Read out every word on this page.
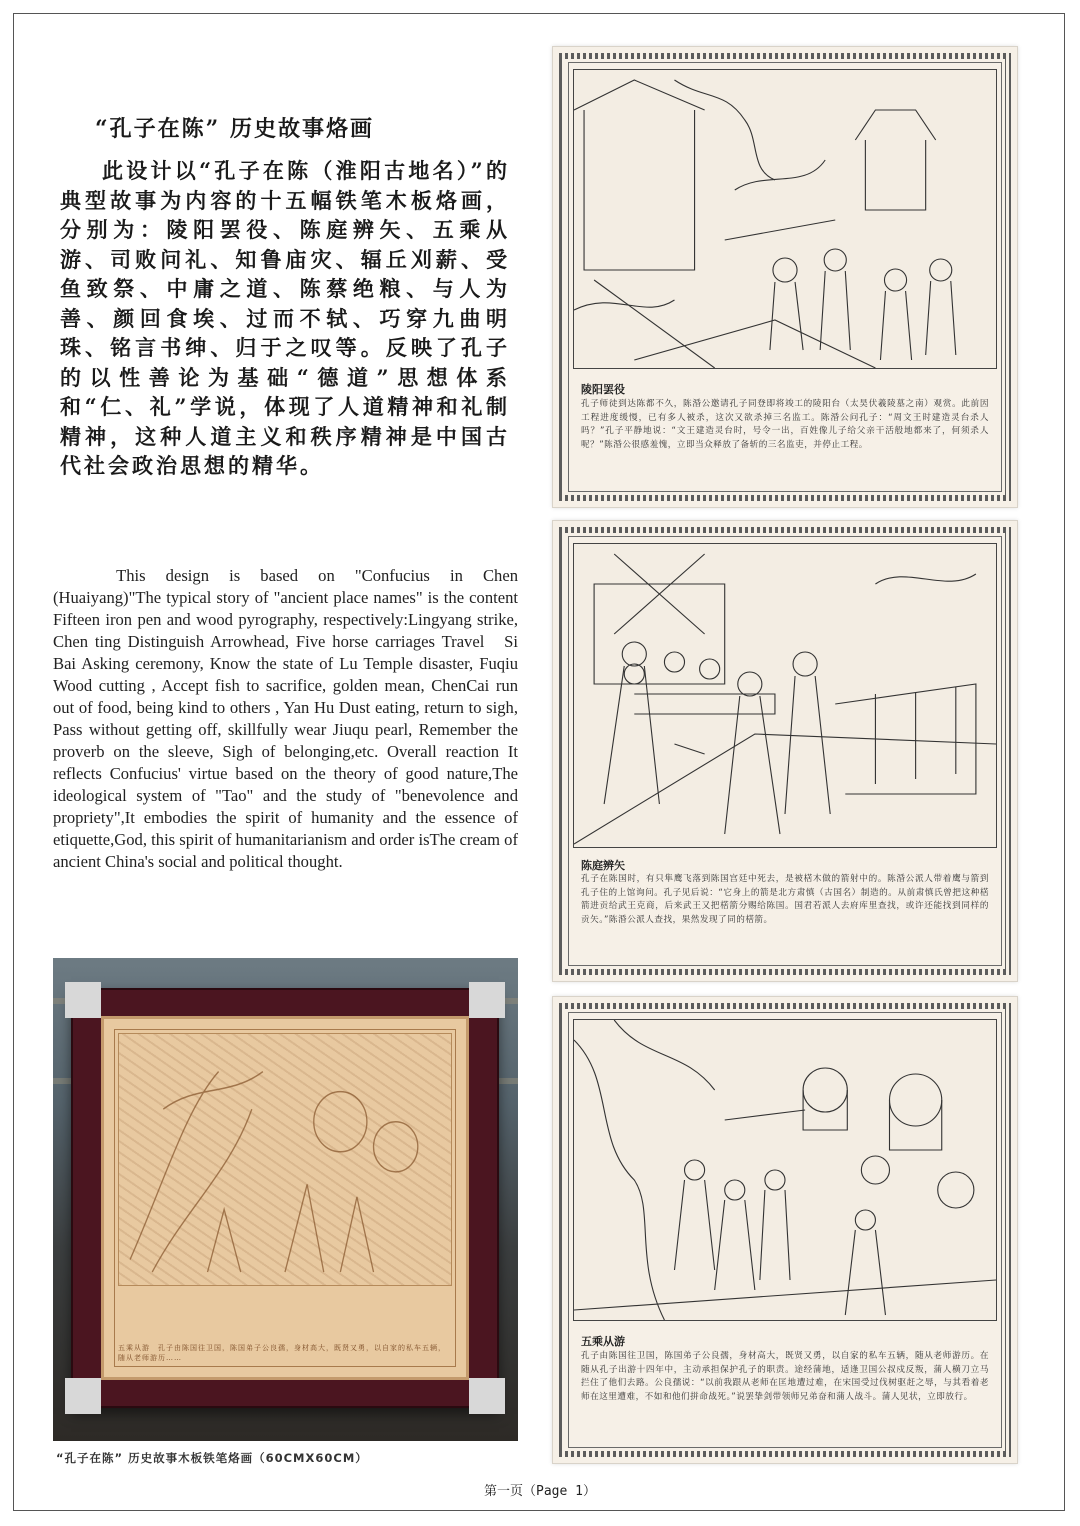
“孔子在陈” 历史故事烙画
此设计以“孔子在陈（淮阳古地名）”的典型故事为内容的十五幅铁笔木板烙画，分别为：陵阳罢役、陈庭辨矢、五乘从游、司败问礼、知鲁庙灾、辐丘刈薪、受鱼致祭、中庸之道、陈蔡绝粮、与人为善、颜回食埃、过而不轼、巧穿九曲明珠、铭言书绅、归于之叹等。反映了孔子的以性善论为基础“德道”思想体系和“仁、礼”学说，体现了人道精神和礼制精神，这种人道主义和秩序精神是中国古代社会政治思想的精华。
This design is based on "Confucius in Chen (Huaiyang)"The typical story of "ancient place names" is the content Fifteen iron pen and wood pyrography, respectively:Lingyang strike, Chen ting Distinguish Arrowhead, Five horse carriages Travel  Si Bai Asking ceremony, Know the state of Lu Temple disaster, Fuqiu Wood cutting , Accept fish to sacrifice, golden mean, ChenCai run out of food, being kind to others , Yan Hu Dust eating, return to sigh, Pass without getting off, skillfully wear Jiuqu pearl, Remember the proverb on the sleeve, Sigh of belonging,etc. Overall reaction It reflects Confucius' virtue based on the theory of good nature,The ideological system of "Tao" and the study of "benevolence and propriety",It embodies the spirit of humanity and the essence of etiquette,God, this spirit of humanitarianism and order isThe cream of ancient China's social and political thought.
五乘从游　孔子由陈国往卫国，陈国弟子公良孺，身材高大，既贤又勇，以自家的私车五辆，随从老师游历……
“孔子在陈” 历史故事木板铁笔烙画（60CMX60CM）
陵阳罢役
孔子师徒到达陈都不久，陈涽公邀请孔子同登即将竣工的陵阳台（太昊伏羲陵墓之南）观赏。此前因工程进度缓慢，已有多人被杀，这次又欲杀掉三名监工。陈涽公问孔子：“周文王时建造灵台杀人吗？”孔子平静地说：“文王建造灵台时，号令一出，百姓像儿子给父亲干活般地都来了，何须杀人呢？”陈涽公很感羞愧，立即当众释放了备斩的三名监吏，并停止工程。
陈庭辨矢
孔子在陈国时，有只隼鹰飞落到陈国宫廷中死去，是被楛木做的箭射中的。陈涽公派人带着鹰与箭到孔子住的上馆询问。孔子见后说：“它身上的箭是北方肃慎（古国名）制造的。从前肃慎氏曾把这种楛箭进贡给武王克商，后来武王又把楛箭分赐给陈国。国君若派人去府库里查找，或许还能找到同样的贡矢。”陈涽公派人查找，果然发现了同的楛箭。
五乘从游
孔子由陈国往卫国，陈国弟子公良孺，身材高大，既贤又勇，以自家的私车五辆，随从老师游历。在随从孔子出游十四年中，主动承担保护孔子的职责。途经蒲地，适逢卫国公叔戍反叛，蒲人横刀立马拦住了他们去路。公良孺说：“以前我跟从老师在匡地遭过难，在宋国受过伐树驱赶之辱，与其看着老师在这里遭难，不如和他们拼命战死。”说罢挚剑带领师兄弟奋和蒲人战斗。蒲人见状，立即放行。
第一页（Page 1）
